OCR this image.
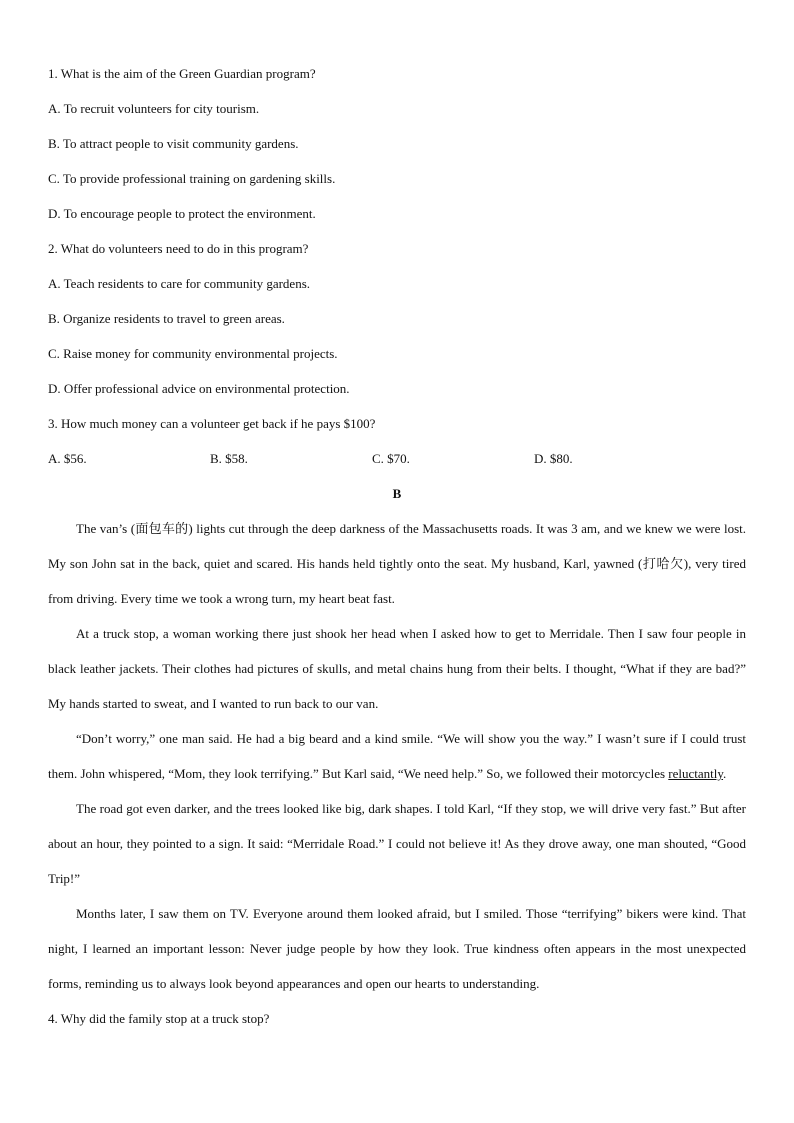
1. What is the aim of the Green Guardian program?
A. To recruit volunteers for city tourism.
B. To attract people to visit community gardens.
C. To provide professional training on gardening skills.
D. To encourage people to protect the environment.
2. What do volunteers need to do in this program?
A. Teach residents to care for community gardens.
B. Organize residents to travel to green areas.
C. Raise money for community environmental projects.
D. Offer professional advice on environmental protection.
3. How much money can a volunteer get back if he pays $100?
A. $56.	B. $58.	C. $70.	D. $80.
B

The van’s (面包车的) lights cut through the deep darkness of the Massachusetts roads. It was 3 am, and we knew we were lost. My son John sat in the back, quiet and scared. His hands held tightly onto the seat. My husband, Karl, yawned (打哈欠), very tired from driving. Every time we took a wrong turn, my heart beat fast.

At a truck stop, a woman working there just shook her head when I asked how to get to Merridale. Then I saw four people in black leather jackets. Their clothes had pictures of skulls, and metal chains hung from their belts. I thought, “What if they are bad?” My hands started to sweat, and I wanted to run back to our van.

“Don’t worry,” one man said. He had a big beard and a kind smile. “We will show you the way.” I wasn’t sure if I could trust them. John whispered, “Mom, they look terrifying.” But Karl said, “We need help.” So, we followed their motorcycles reluctantly.

The road got even darker, and the trees looked like big, dark shapes. I told Karl, “If they stop, we will drive very fast.” But after about an hour, they pointed to a sign. It said: “Merridale Road.” I could not believe it! As they drove away, one man shouted, “Good Trip!”

Months later, I saw them on TV. Everyone around them looked afraid, but I smiled. Those “terrifying” bikers were kind. That night, I learned an important lesson: Never judge people by how they look. True kindness often appears in the most unexpected forms, reminding us to always look beyond appearances and open our hearts to understanding.

4. Why did the family stop at a truck stop?
